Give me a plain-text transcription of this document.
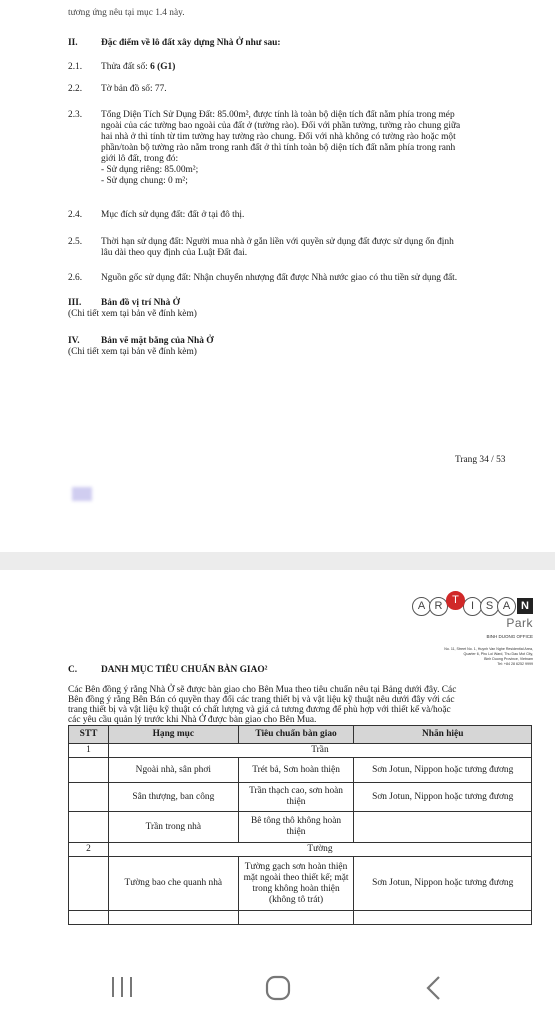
tương ứng nêu tại mục 1.4 này.
II. Đặc điểm về lô đất xây dựng Nhà Ở như sau:
2.1. Thửa đất số: 6 (G1)
2.2. Tờ bản đồ số: 77.
2.3. Tổng Diện Tích Sử Dụng Đất: 85.00m², được tính là toàn bộ diện tích đất nằm phía trong mép
ngoài của các tường bao ngoài của đất ở (tường rào). Đối với phần tường, tường rào chung giữa
hai nhà ở thì tính từ tim tường hay tường rào chung. Đối với nhà không có tường rào hoặc một
phần/toàn bộ tường rào nằm trong ranh đất ở thì tính toàn bộ diện tích đất nằm phía trong ranh
giới lô đất, trong đó:
- Sử dụng riêng: 85.00m²;
- Sử dụng chung: 0 m²;
2.4. Mục đích sử dụng đất: đất ở tại đô thị.
2.5. Thời hạn sử dụng đất: Người mua nhà ở gắn liền với quyền sử dụng đất được sử dụng ổn định
lâu dài theo quy định của Luật Đất đai.
2.6. Nguồn gốc sử dụng đất: Nhận chuyển nhượng đất được Nhà nước giao có thu tiền sử dụng đất.
III. Bản đồ vị trí Nhà Ở
(Chi tiết xem tại bản vẽ đính kèm)
IV. Bản vẽ mặt bằng của Nhà Ở
(Chi tiết xem tại bản vẽ đính kèm)
Trang 34 / 53
A R T I S A N
Park
BINH DUONG OFFICE
No. 11, Street No. 1, Huynh Van Nghe Residential Area,
Quarter 6, Phu Loi Ward, Thu Dau Mot City,
Binh Duong Province, Vietnam
Tel: +84 28 6252 9999
C.	DANH MỤC TIÊU CHUẨN BÀN GIAO²
Các Bên đồng ý rằng Nhà Ở sẽ được bàn giao cho Bên Mua theo tiêu chuẩn nêu tại Bảng dưới đây. Các
Bên đồng ý rằng Bên Bán có quyền thay đổi các trang thiết bị và vật liệu kỹ thuật nêu dưới đây với các
trang thiết bị và vật liệu kỹ thuật có chất lượng và giá cả tương đương để phù hợp với thiết kế và/hoặc
các yêu cầu quản lý trước khi Nhà Ở được bàn giao cho Bên Mua.
STT	Hạng mục	Tiêu chuẩn bàn giao	Nhãn hiệu
1	Trần		
	Ngoài nhà, sân phơi	Trét bả, Sơn hoàn thiện	Sơn Jotun, Nippon hoặc tương đương
	Sân thượng, ban công	Trần thạch cao, sơn hoàn thiện	Sơn Jotun, Nippon hoặc tương đương
	Trần trong nhà	Bê tông thô không hoàn thiện	
2	Tường		
	Tường bao che quanh nhà	Tường gạch sơn hoàn thiện mặt ngoài theo thiết kế; mặt trong không hoàn thiện (không tô trát)	Sơn Jotun, Nippon hoặc tương đương
